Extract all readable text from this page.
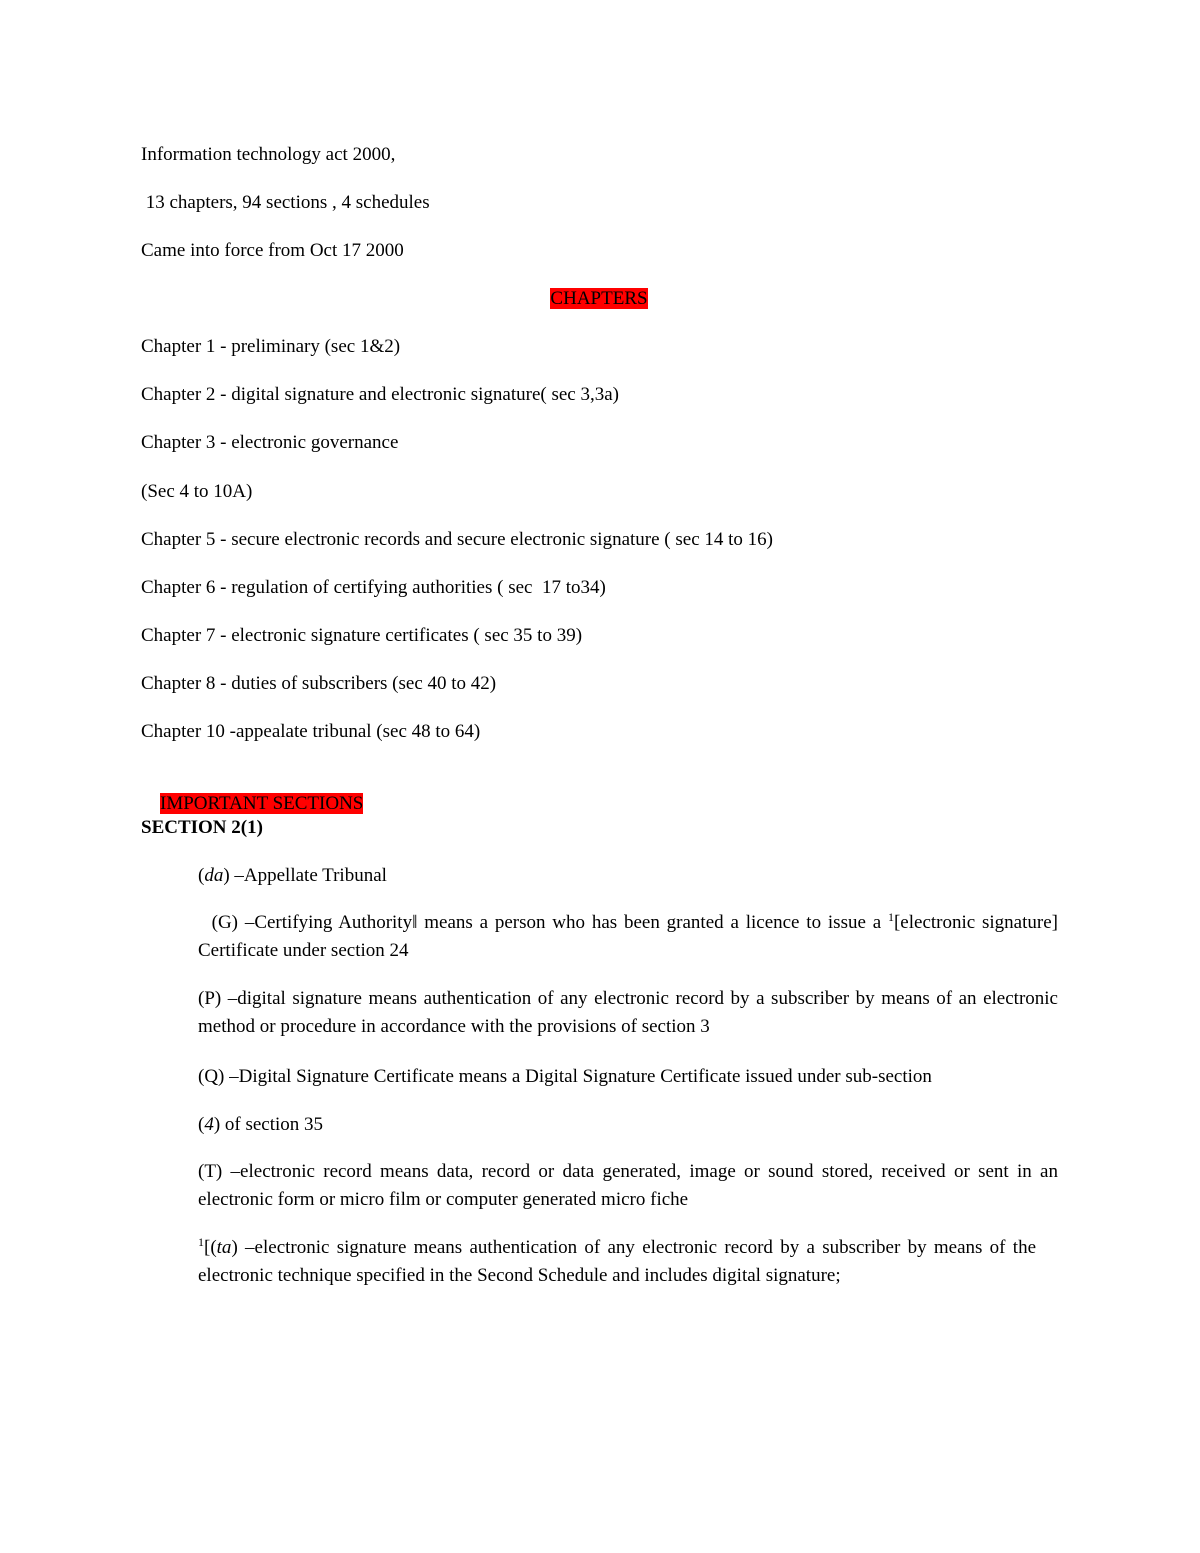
Information technology act 2000,
13 chapters, 94 sections , 4 schedules
Came into force from Oct 17 2000
CHAPTERS
Chapter 1 - preliminary (sec 1&2)
Chapter 2 - digital signature and electronic signature( sec 3,3a)
Chapter 3 - electronic governance
(Sec 4 to 10A)
Chapter 5 - secure electronic records and secure electronic signature ( sec 14 to 16)
Chapter 6 - regulation of certifying authorities ( sec  17 to34)
Chapter 7 - electronic signature certificates ( sec 35 to 39)
Chapter 8 - duties of subscribers (sec 40 to 42)
Chapter 10 -appealate tribunal (sec 48 to 64)

IMPORTANT SECTIONS

SECTION 2(1)
(da) –Appellate Tribunal
(G) –Certifying Authority‖ means a person who has been granted a licence to issue a $^1$[electronic signature] Certificate under section 24
(P) –digital signature means authentication of any electronic record by a subscriber by means of an electronic method or procedure in accordance with the provisions of section 3
(Q) –Digital Signature Certificate means a Digital Signature Certificate issued under sub-section
(4) of section 35
(T) –electronic record means data, record or data generated, image or sound stored, received or sent in an electronic form or micro film or computer generated micro fiche
$^1$[(ta) –electronic signature means authentication of any electronic record by a subscriber by means of the electronic technique specified in the Second Schedule and includes digital signature;
